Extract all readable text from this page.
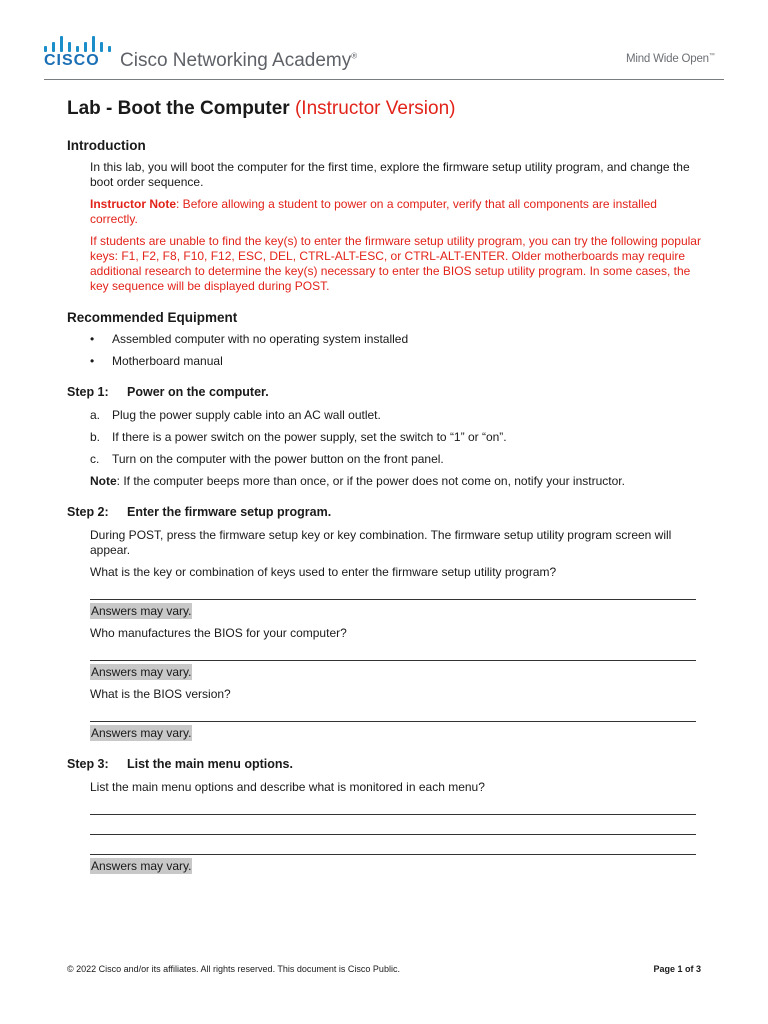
CISCO Cisco Networking Academy®	Mind Wide Open™
Lab - Boot the Computer (Instructor Version)
Introduction

In this lab, you will boot the computer for the first time, explore the firmware setup utility program, and change the boot order sequence.

Instructor Note: Before allowing a student to power on a computer, verify that all components are installed correctly.

If students are unable to find the key(s) to enter the firmware setup utility program, you can try the following popular keys: F1, F2, F8, F10, F12, ESC, DEL, CTRL-ALT-ESC, or CTRL-ALT-ENTER. Older motherboards may require additional research to determine the key(s) necessary to enter the BIOS setup utility program. In some cases, the key sequence will be displayed during POST.

Recommended Equipment
• Assembled computer with no operating system installed
• Motherboard manual
Step 1: Power on the computer.
a. Plug the power supply cable into an AC wall outlet.
b. If there is a power switch on the power supply, set the switch to “1” or “on”.
c. Turn on the computer with the power button on the front panel.

Note: If the computer beeps more than once, or if the power does not come on, notify your instructor.

Step 2: Enter the firmware setup program.

During POST, press the firmware setup key or key combination. The firmware setup utility program screen will appear.

What is the key or combination of keys used to enter the firmware setup utility program?

Answers may vary.

Who manufactures the BIOS for your computer?

Answers may vary.

What is the BIOS version?

Answers may vary.
Step 3: List the main menu options.

List the main menu options and describe what is monitored in each menu?

Answers may vary.
© 2022 Cisco and/or its affiliates. All rights reserved. This document is Cisco Public.	Page 1 of 3
